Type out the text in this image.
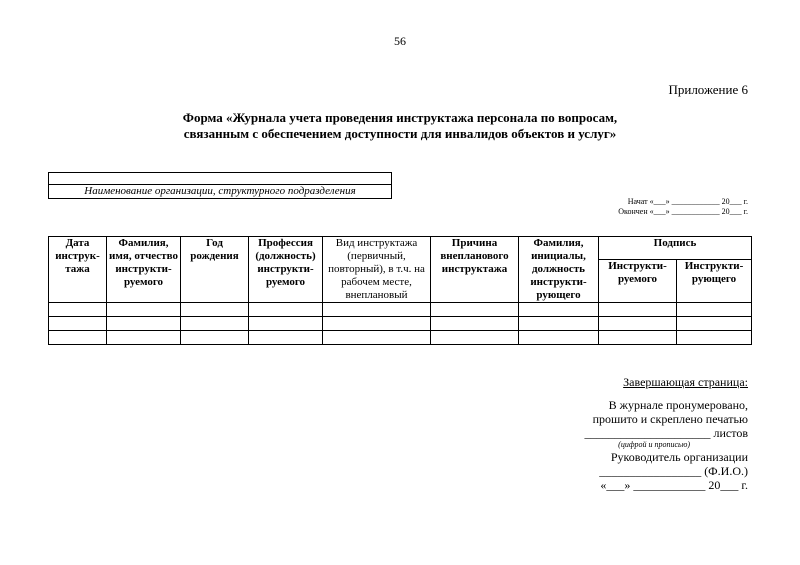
56
Приложение 6
Форма «Журнала учета проведения инструктажа персонала по вопросам,
связанным с обеспечением доступности для инвалидов объектов и услуг»
Наименование организации, структурного подразделения
Начат «___» ____________ 20___ г.
Окончен «___» ____________ 20___ г.
Дата инструк-тажа	Фамилия, имя, отчество инструкти-руемого	Год рождения	Профессия (должность) инструкти-руемого	Вид инструктажа (первичный, повторный), в т.ч. на рабочем месте, внеплановый	Причина внепланового инструктажа	Фамилия, инициалы, должность инструкти-рующего	Подпись	
							Инструкти-руемого	Инструкти-рующего

Завершающая страница:
В журнале пронумеровано,
прошито и скреплено печатью
_____________________ листов
(цифрой и прописью)
Руководитель организации
_________________ (Ф.И.О.)
«___» ____________ 20___ г.
